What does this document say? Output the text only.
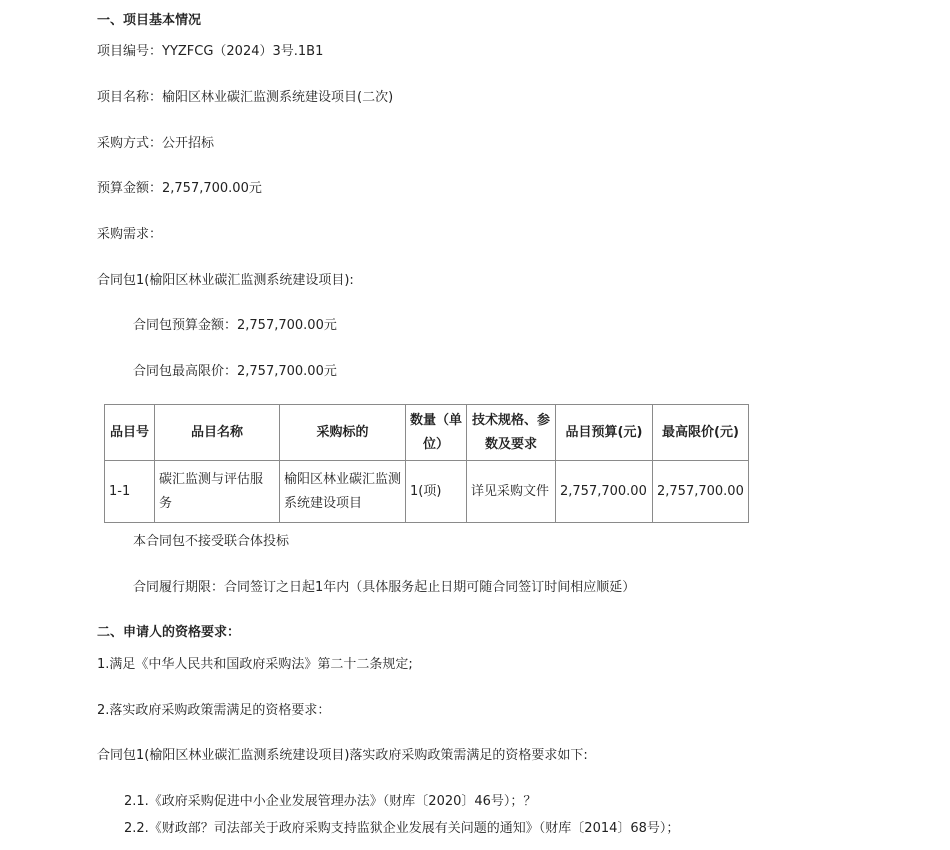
一、项目基本情况
项目编号：YYZFCG（2024）3号.1B1
项目名称：榆阳区林业碳汇监测系统建设项目(二次)
采购方式：公开招标
预算金额：2,757,700.00元
采购需求：
合同包1(榆阳区林业碳汇监测系统建设项目):
合同包预算金额：2,757,700.00元
合同包最高限价：2,757,700.00元
品目号	品目名称	采购标的	数量（单位）	技术规格、参数及要求	品目预算(元)	最高限价(元)
1-1	碳汇监测与评估服务	榆阳区林业碳汇监测系统建设项目	1(项)	详见采购文件	2,757,700.00	2,757,700.00
本合同包不接受联合体投标
合同履行期限：合同签订之日起1年内（具体服务起止日期可随合同签订时间相应顺延）
二、申请人的资格要求：
1.满足《中华人民共和国政府采购法》第二十二条规定;
2.落实政府采购政策需满足的资格要求：
合同包1(榆阳区林业碳汇监测系统建设项目)落实政府采购政策需满足的资格要求如下:
2.1.《政府采购促进中小企业发展管理办法》（财库〔2020〕46号）；？
2.2.《财政部？司法部关于政府采购支持监狱企业发展有关问题的通知》（财库〔2014〕68号）；
